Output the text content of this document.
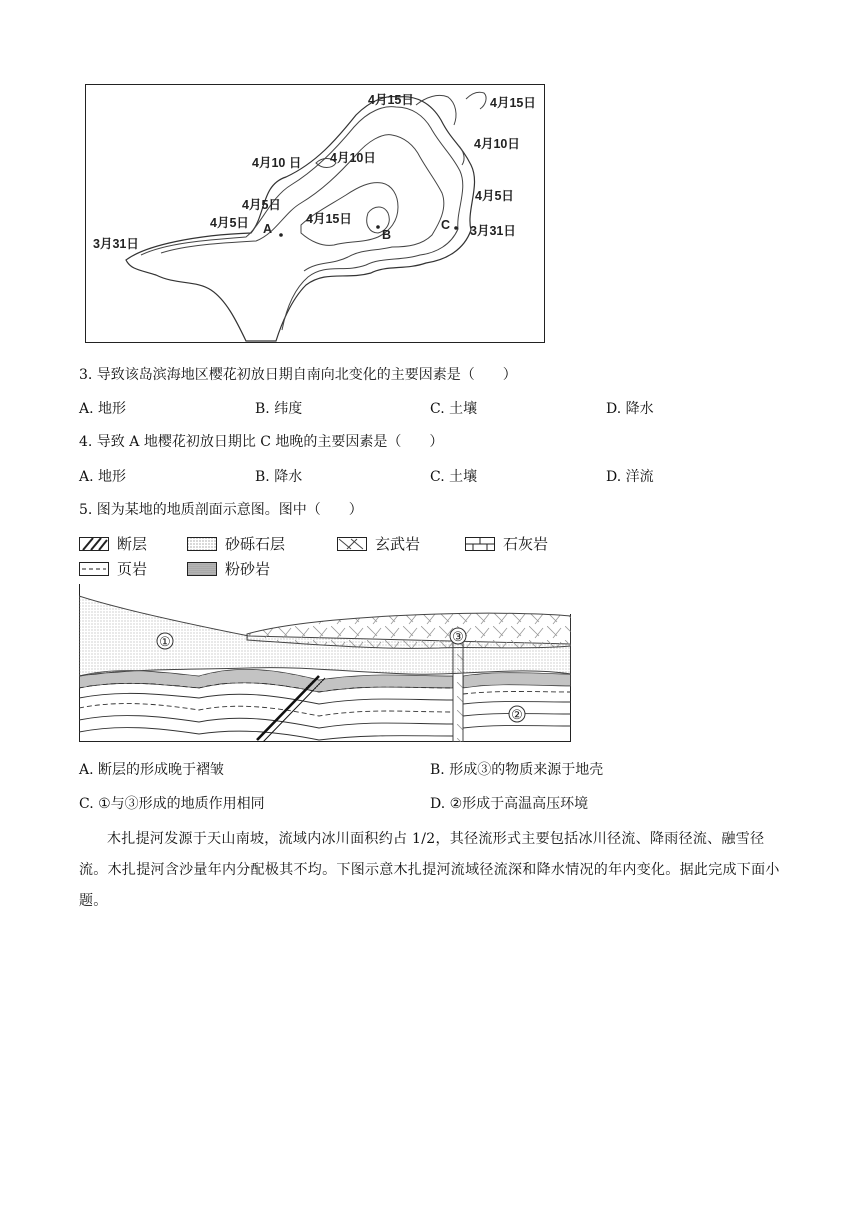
4月15日	4月15日
4月10日
4月10 日 4月10日
4月5日
4月5日
4月5日	4月15日
3月31日
3月31日
A	B
C
3. 导致该岛滨海地区樱花初放日期自南向北变化的主要因素是（　　）
A. 地形	B. 纬度	C. 土壤	D. 降水
4. 导致 A 地樱花初放日期比 C 地晚的主要因素是（　　）
A. 地形	B. 降水	C. 土壤	D. 洋流
5. 图为某地的地质剖面示意图。图中（　　）
断层	砂砾石层	玄武岩	石灰岩
页岩	粉砂岩
①
②
③
A. 断层的形成晚于褶皱	B. 形成③的物质来源于地壳
C. ①与③形成的地质作用相同	D. ②形成于高温高压环境
木扎提河发源于天山南坡，流域内冰川面积约占 1/2，其径流形式主要包括冰川径流、降雨径流、融雪径流。木扎提河含沙量年内分配极其不均。下图示意木扎提河流域径流深和降水情况的年内变化。据此完成下面小题。
